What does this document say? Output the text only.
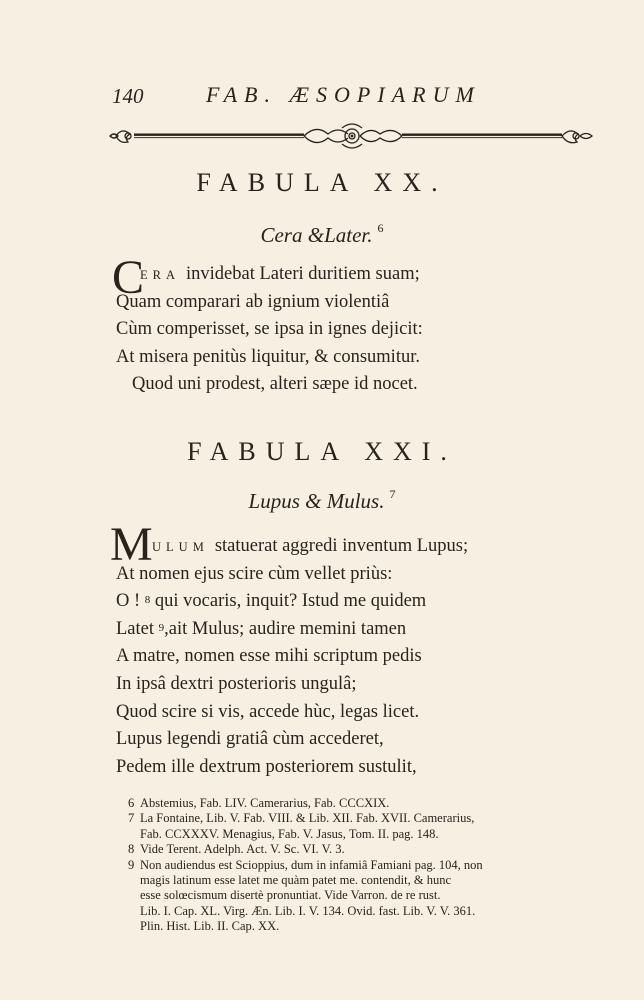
140	FAB. ÆSOPIARUM
FABULA XX.
Cera &Later. $^6$
C
ERA invidebat Lateri duritiem suam;
Quam comparari ab ignium violentiâ
Cùm comperisset, se ipsa in ignes dejicit:
At misera penitùs liquitur, & consumitur.
Quod uni prodest, alteri sæpe id nocet.
FABULA XXI.
Lupus & Mulus. $^7$
M ULUM statuerat aggredi inventum Lupus;
At nomen ejus scire cùm vellet priùs:
O ! $^8$ qui vocaris, inquit? Istud me quidem
Latet $^9$,ait Mulus; audire memini tamen
A matre, nomen esse mihi scriptum pedis
In ipsâ dextri posterioris ungulâ;
Quod scire si vis, accede hùc, legas licet.
Lupus legendi gratiâ cùm accederet,
Pedem ille dextrum posteriorem sustulit,
6 Abstemius, Fab. LIV. Camerarius, Fab. CCCXIX.
7 La Fontaine, Lib. V. Fab. VIII. & Lib. XII. Fab. XVII. Camerarius,
Fab. CCXXXV. Menagius, Fab. V. Jasus, Tom. II. pag. 148.
8 Vide Terent. Adelph. Act. V. Sc. VI. V. 3.
9 Non audiendus est Scioppius, dum in infamiâ Famiani pag. 104, non
magis latinum esse latet me quàm patet me. contendit, & hunc
esse solœcismum disertè pronuntiat. Vide Varron. de re rust.
Lib. I. Cap. XL. Virg. Æn. Lib. I. V. 134. Ovid. fast. Lib. V. V. 361.
Plin. Hist. Lib. II. Cap. XX.
